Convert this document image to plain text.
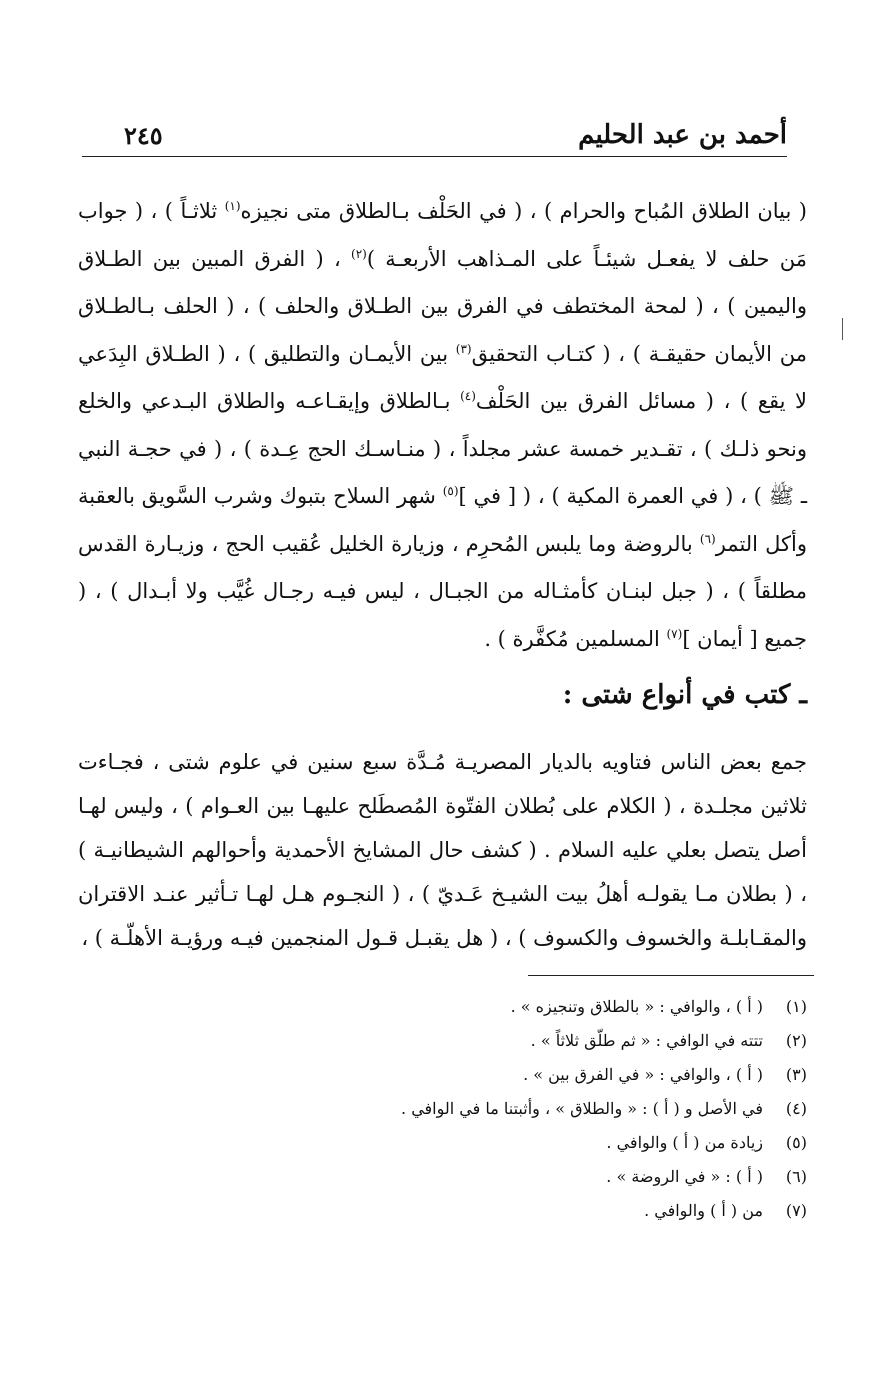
أحمد بن عبد الحليم
٢٤٥

( بيان الطلاق المُباح والحرام ) ، ( في الحَلْف بـالطلاق متى نجيزه$^{(١)}$ ثلاثـاً ) ، ( جواب مَن حلف لا يفعـل شيئـاً على المـذاهب الأربعـة )$^{(٢)}$ ، ( الفرق المبين بين الطـلاق واليمين ) ، ( لمحة المختطف في الفرق بين الطـلاق والحلف ) ، ( الحلف بـالطـلاق من الأيمان حقيقـة ) ، ( كتـاب التحقيق$^{(٣)}$ بين الأيمـان والتطليق ) ، ( الطـلاق البِدَعي لا يقع ) ، ( مسائل الفرق بين الحَلْف$^{(٤)}$ بـالطلاق وإيقـاعـه والطلاق البـدعي والخلع ونحو ذلـك ) ، تقـدير خمسة عشر مجلداً ، ( منـاسـك الحج عِـدة ) ، ( في حجـة النبي ـ ﷺ ) ، ( في العمرة المكية ) ، ( [ في ]$^{(٥)}$ شهر السلاح بتبوك وشرب السَّويق بالعقبة وأكل التمر$^{(٦)}$ بالروضة وما يلبس المُحرِم ، وزيارة الخليل عُقيب الحج ، وزيـارة القدس مطلقاً ) ، ( جبل لبنـان كأمثـاله من الجبـال ، ليس فيـه رجـال غُيَّب ولا أبـدال ) ، ( جميع [ أيمان ]$^{(٧)}$ المسلمين مُكفَّرة ) .

ـ كتب في أنواع شتى :
جمع بعض الناس فتاويه بالديار المصريـة مُـدَّة سبع سنين في علوم شتى ، فجـاءت ثلاثين مجلـدة ، ( الكلام على بُطلان الفتّوة المُصطَلح عليهـا بين العـوام ) ، وليس لهـا أصل يتصل بعلي عليه السلام . ( كشف حال المشايخ الأحمدية وأحوالهم الشيطانيـة ) ، ( بطلان مـا يقولـه أهلُ بيت الشيـخ عَـديّ ) ، ( النجـوم هـل لهـا تـأثير عنـد الاقتران والمقـابلـة والخسوف والكسوف ) ، ( هل يقبـل قـول المنجمين فيـه ورؤيـة الأهلّـة ) ،
(١)
( أ ) ، والوافي : « بالطلاق وتنجيزه » .
(٢)
تتته في الوافي : « ثم طلّق ثلاثاً » .
(٣)
( أ ) ، والوافي : « في الفرق بين » .
(٤)
في الأصل و ( أ ) : « والطلاق » ، وأثبتنا ما في الوافي .
(٥)
زيادة من ( أ ) والوافي .
(٦)
( أ ) : « في الروضة » .
(٧)
من ( أ ) والوافي .
